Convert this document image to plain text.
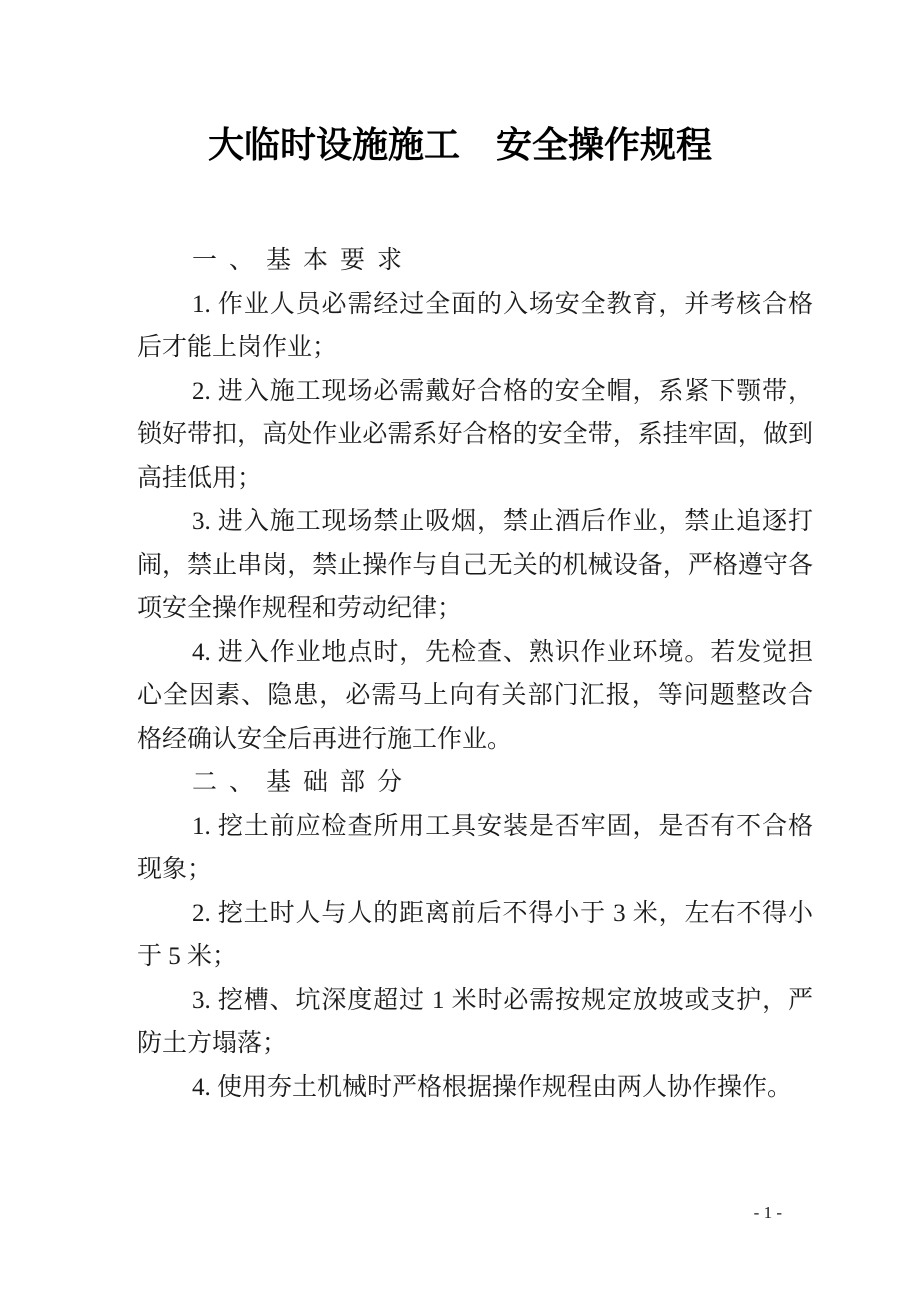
大临时设施施工　安全操作规程
一、基本要求
1. 作业人员必需经过全面的入场安全教育，并考核合格
后才能上岗作业；
2. 进入施工现场必需戴好合格的安全帽，系紧下颚带，
锁好带扣，高处作业必需系好合格的安全带，系挂牢固，做到
高挂低用；
3. 进入施工现场禁止吸烟，禁止酒后作业，禁止追逐打
闹，禁止串岗，禁止操作与自己无关的机械设备，严格遵守各
项安全操作规程和劳动纪律；
4. 进入作业地点时，先检查、熟识作业环境。若发觉担
心全因素、隐患，必需马上向有关部门汇报，等问题整改合
格经确认安全后再进行施工作业。
二、基础部分
1. 挖土前应检查所用工具安装是否牢固，是否有不合格
现象；
2. 挖土时人与人的距离前后不得小于 3 米，左右不得小
于 5 米；
3. 挖槽、坑深度超过 1 米时必需按规定放坡或支护，严
防土方塌落；
4. 使用夯土机械时严格根据操作规程由两人协作操作。
- 1 -
